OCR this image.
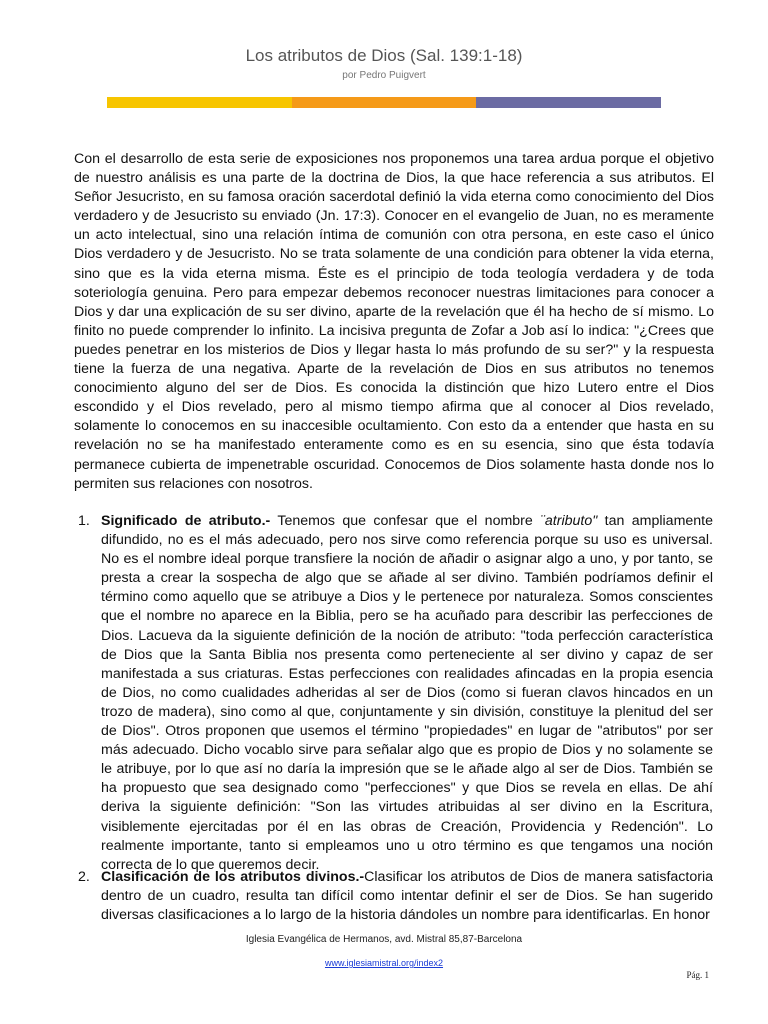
Los atributos de Dios (Sal. 139:1-18)
por Pedro Puigvert

Con el desarrollo de esta serie de exposiciones nos proponemos una tarea ardua porque el objetivo de nuestro análisis es una parte de la doctrina de Dios, la que hace referencia a sus atributos. El Señor Jesucristo, en su famosa oración sacerdotal definió la vida eterna como conocimiento del Dios verdadero y de Jesucristo su enviado (Jn. 17:3). Conocer en el evangelio de Juan, no es meramente un acto intelectual, sino una relación íntima de comunión con otra persona, en este caso el único Dios verdadero y de Jesucristo. No se trata solamente de una condición para obtener la vida eterna, sino que es la vida eterna misma. Éste es el principio de toda teología verdadera y de toda soteriología genuina. Pero para empezar debemos reconocer nuestras limitaciones para conocer a Dios y dar una explicación de su ser divino, aparte de la revelación que él ha hecho de sí mismo. Lo finito no puede comprender lo infinito. La incisiva pregunta de Zofar a Job así lo indica: "¿Crees que puedes penetrar en los misterios de Dios y llegar hasta lo más profundo de su ser?" y la respuesta tiene la fuerza de una negativa. Aparte de la revelación de Dios en sus atributos no tenemos conocimiento alguno del ser de Dios. Es conocida la distinción que hizo Lutero entre el Dios escondido y el Dios revelado, pero al mismo tiempo afirma que al conocer al Dios revelado, solamente lo conocemos en su inaccesible ocultamiento. Con esto da a entender que hasta en su revelación no se ha manifestado enteramente como es en su esencia, sino que ésta todavía permanece cubierta de impenetrable oscuridad. Conocemos de Dios solamente hasta donde nos lo permiten sus relaciones con nosotros.

1. Significado de atributo.- Tenemos que confesar que el nombre ¨atributo" tan ampliamente difundido, no es el más adecuado, pero nos sirve como referencia porque su uso es universal. No es el nombre ideal porque transfiere la noción de añadir o asignar algo a uno, y por tanto, se presta a crear la sospecha de algo que se añade al ser divino. También podríamos definir el término como aquello que se atribuye a Dios y le pertenece por naturaleza. Somos conscientes que el nombre no aparece en la Biblia, pero se ha acuñado para describir las perfecciones de Dios. Lacueva da la siguiente definición de la noción de atributo: "toda perfección característica de Dios que la Santa Biblia nos presenta como perteneciente al ser divino y capaz de ser manifestada a sus criaturas. Estas perfecciones con realidades afincadas en la propia esencia de Dios, no como cualidades adheridas al ser de Dios (como si fueran clavos hincados en un trozo de madera), sino como al que, conjuntamente y sin división, constituye la plenitud del ser de Dios". Otros proponen que usemos el término "propiedades" en lugar de "atributos" por ser más adecuado. Dicho vocablo sirve para señalar algo que es propio de Dios y no solamente se le atribuye, por lo que así no daría la impresión que se le añade algo al ser de Dios. También se ha propuesto que sea designado como "perfecciones" y que Dios se revela en ellas. De ahí deriva la siguiente definición: "Son las virtudes atribuidas al ser divino en la Escritura, visiblemente ejercitadas por él en las obras de Creación, Providencia y Redención". Lo realmente importante, tanto si empleamos uno u otro término es que tengamos una noción correcta de lo que queremos decir.
2. Clasificación de los atributos divinos.-Clasificar los atributos de Dios de manera satisfactoria dentro de un cuadro, resulta tan difícil como intentar definir el ser de Dios. Se han sugerido diversas clasificaciones a lo largo de la historia dándoles un nombre para identificarlas. En honor
Iglesia Evangélica de Hermanos, avd. Mistral 85,87-Barcelona
www.iglesiamistral.org/index2
Pág. 1
